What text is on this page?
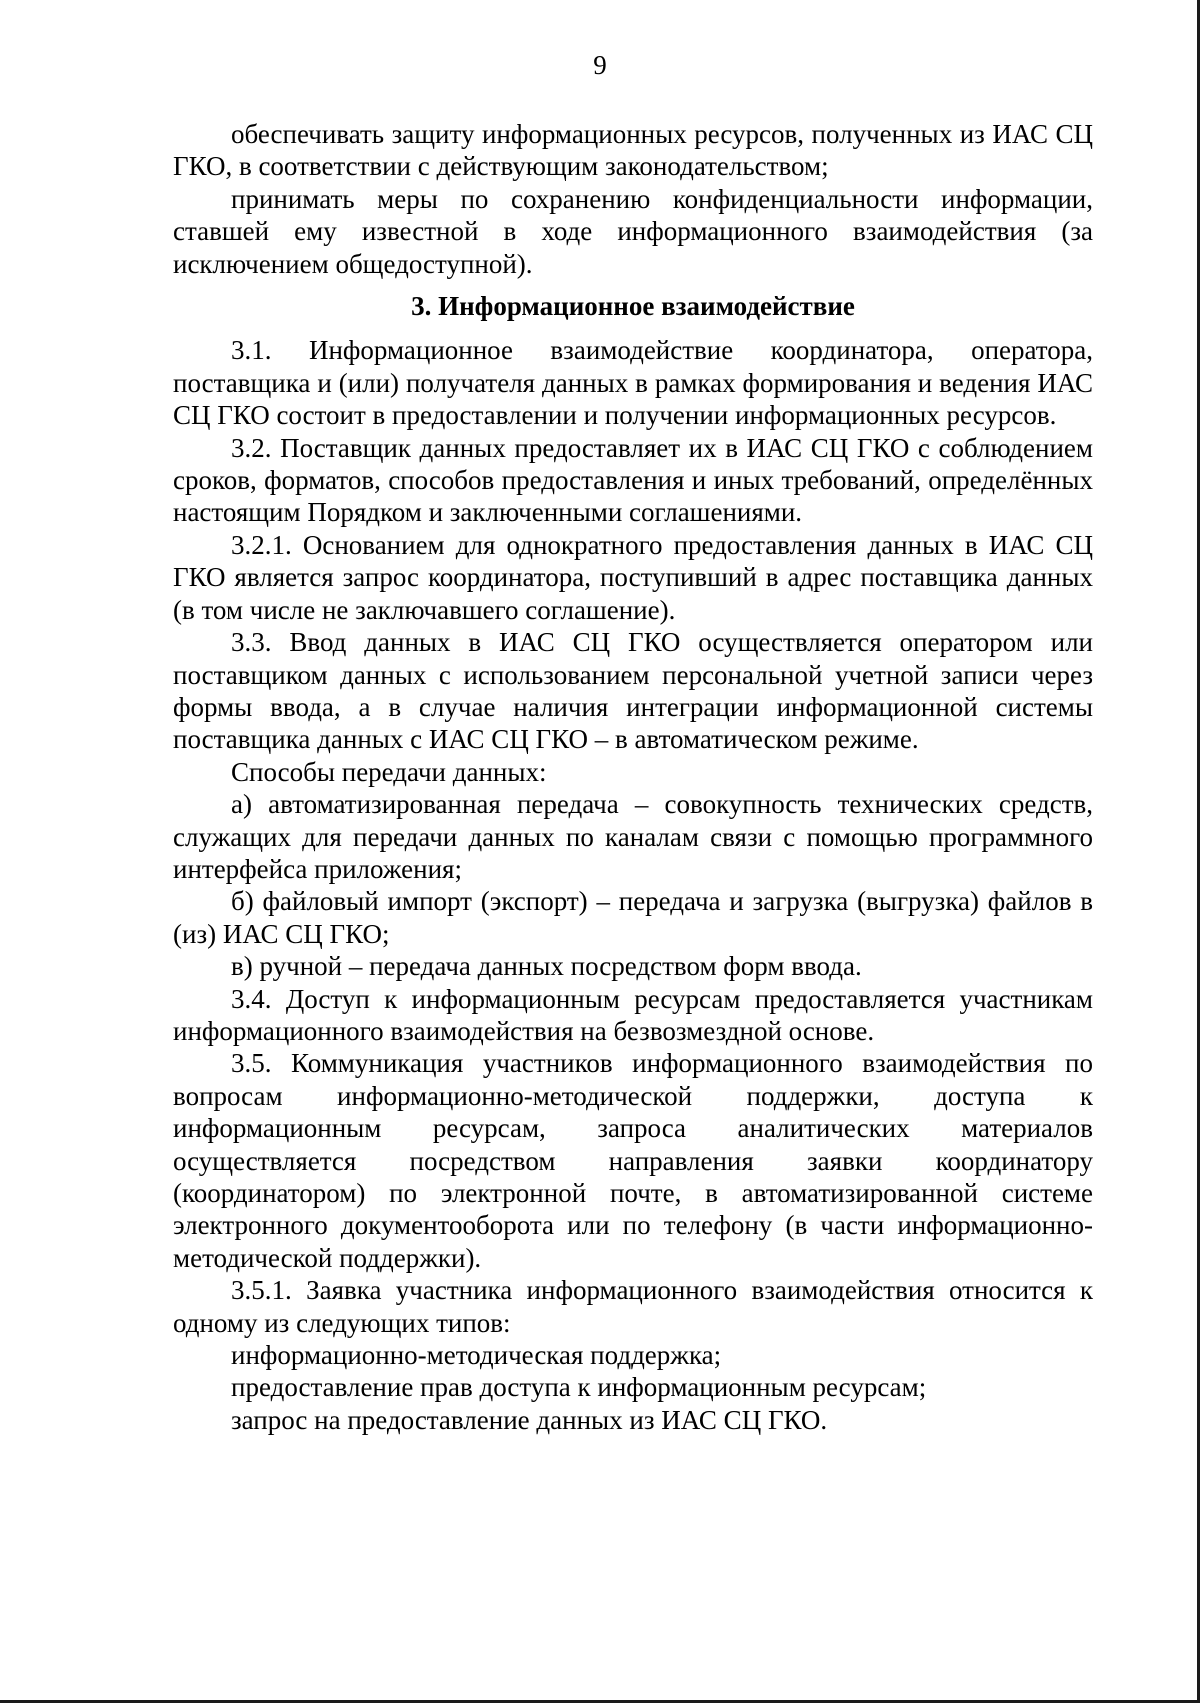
9

обеспечивать защиту информационных ресурсов, полученных из ИАС СЦ ГКО, в соответствии с действующим законодательством;

принимать меры по сохранению конфиденциальности информации, ставшей ему известной в ходе информационного взаимодействия (за исключением общедоступной).

3. Информационное взаимодействие

3.1. Информационное взаимодействие координатора, оператора, поставщика и (или) получателя данных в рамках формирования и ведения ИАС СЦ ГКО состоит в предоставлении и получении информационных ресурсов.

3.2. Поставщик данных предоставляет их в ИАС СЦ ГКО с соблюдением сроков, форматов, способов предоставления и иных требований, определённых настоящим Порядком и заключенными соглашениями.

3.2.1. Основанием для однократного предоставления данных в ИАС СЦ ГКО является запрос координатора, поступивший в адрес поставщика данных (в том числе не заключавшего соглашение).

3.3. Ввод данных в ИАС СЦ ГКО осуществляется оператором или поставщиком данных с использованием персональной учетной записи через формы ввода, а в случае наличия интеграции информационной системы поставщика данных с ИАС СЦ ГКО – в автоматическом режиме.

Способы передачи данных:

а) автоматизированная передача – совокупность технических средств, служащих для передачи данных по каналам связи с помощью программного интерфейса приложения;

б) файловый импорт (экспорт) – передача и загрузка (выгрузка) файлов в (из) ИАС СЦ ГКО;

в) ручной – передача данных посредством форм ввода.

3.4. Доступ к информационным ресурсам предоставляется участникам информационного взаимодействия на безвозмездной основе.

3.5. Коммуникация участников информационного взаимодействия по вопросам информационно-методической поддержки, доступа к информационным ресурсам, запроса аналитических материалов осуществляется посредством направления заявки координатору (координатором) по электронной почте, в автоматизированной системе электронного документооборота или по телефону (в части информационно-методической поддержки).

3.5.1. Заявка участника информационного взаимодействия относится к одному из следующих типов:

информационно-методическая поддержка;

предоставление прав доступа к информационным ресурсам;

запрос на предоставление данных из ИАС СЦ ГКО.
